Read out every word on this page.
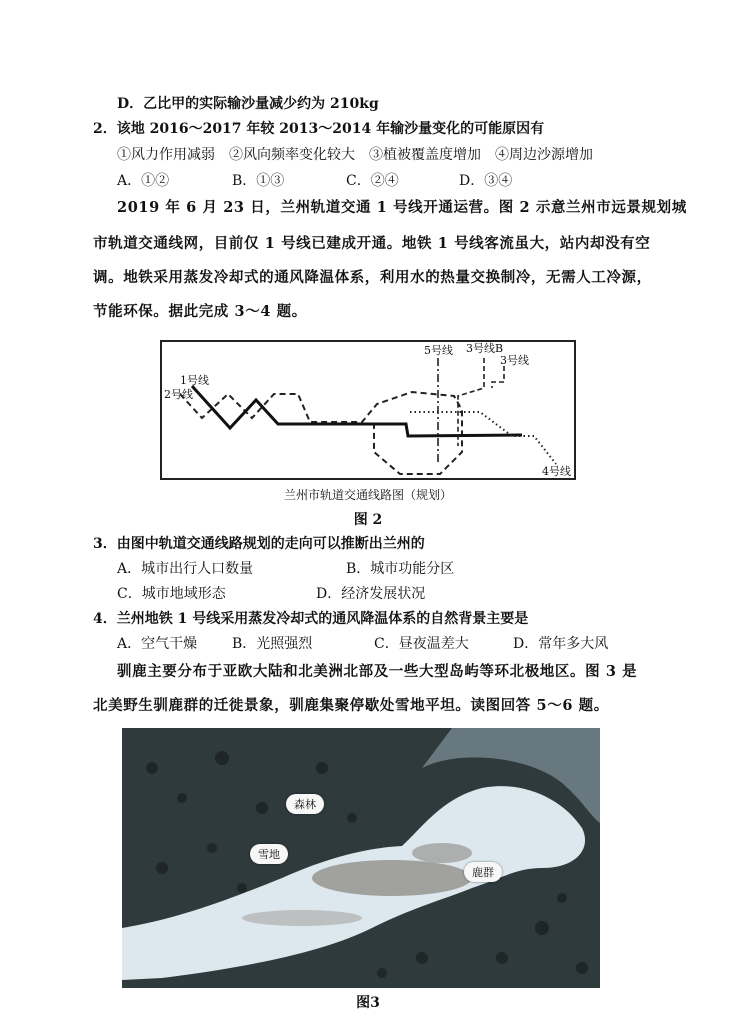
D．乙比甲的实际输沙量减少约为 210kg
2．该地 2016～2017 年较 2013～2014 年输沙量变化的可能原因有
①风力作用减弱　②风向频率变化较大　③植被覆盖度增加　④周边沙源增加
A．①②	B．①③	C．②④	D．③④
2019 年 6 月 23 日，兰州轨道交通 1 号线开通运营。图 2 示意兰州市远景规划城
市轨道交通线网，目前仅 1 号线已建成开通。地铁 1 号线客流虽大，站内却没有空
调。地铁采用蒸发冷却式的通风降温体系，利用水的热量交换制冷，无需人工冷源，
节能环保。据此完成 3～4 题。
1号线
2号线
5号线 3号线B
3号线
4号线
兰州市轨道交通线路图（规划）
图 2
3．由图中轨道交通线路规划的走向可以推断出兰州的
A．城市出行人口数量	B．城市功能分区
C．城市地域形态	D．经济发展状况
4．兰州地铁 1 号线采用蒸发冷却式的通风降温体系的自然背景主要是
A．空气干燥 B．光照强烈	C．昼夜温差大	D．常年多大风
驯鹿主要分布于亚欧大陆和北美洲北部及一些大型岛屿等环北极地区。图 3 是
北美野生驯鹿群的迁徙景象，驯鹿集聚停歇处雪地平坦。读图回答 5～6 题。
森林
雪地
鹿群
图3
